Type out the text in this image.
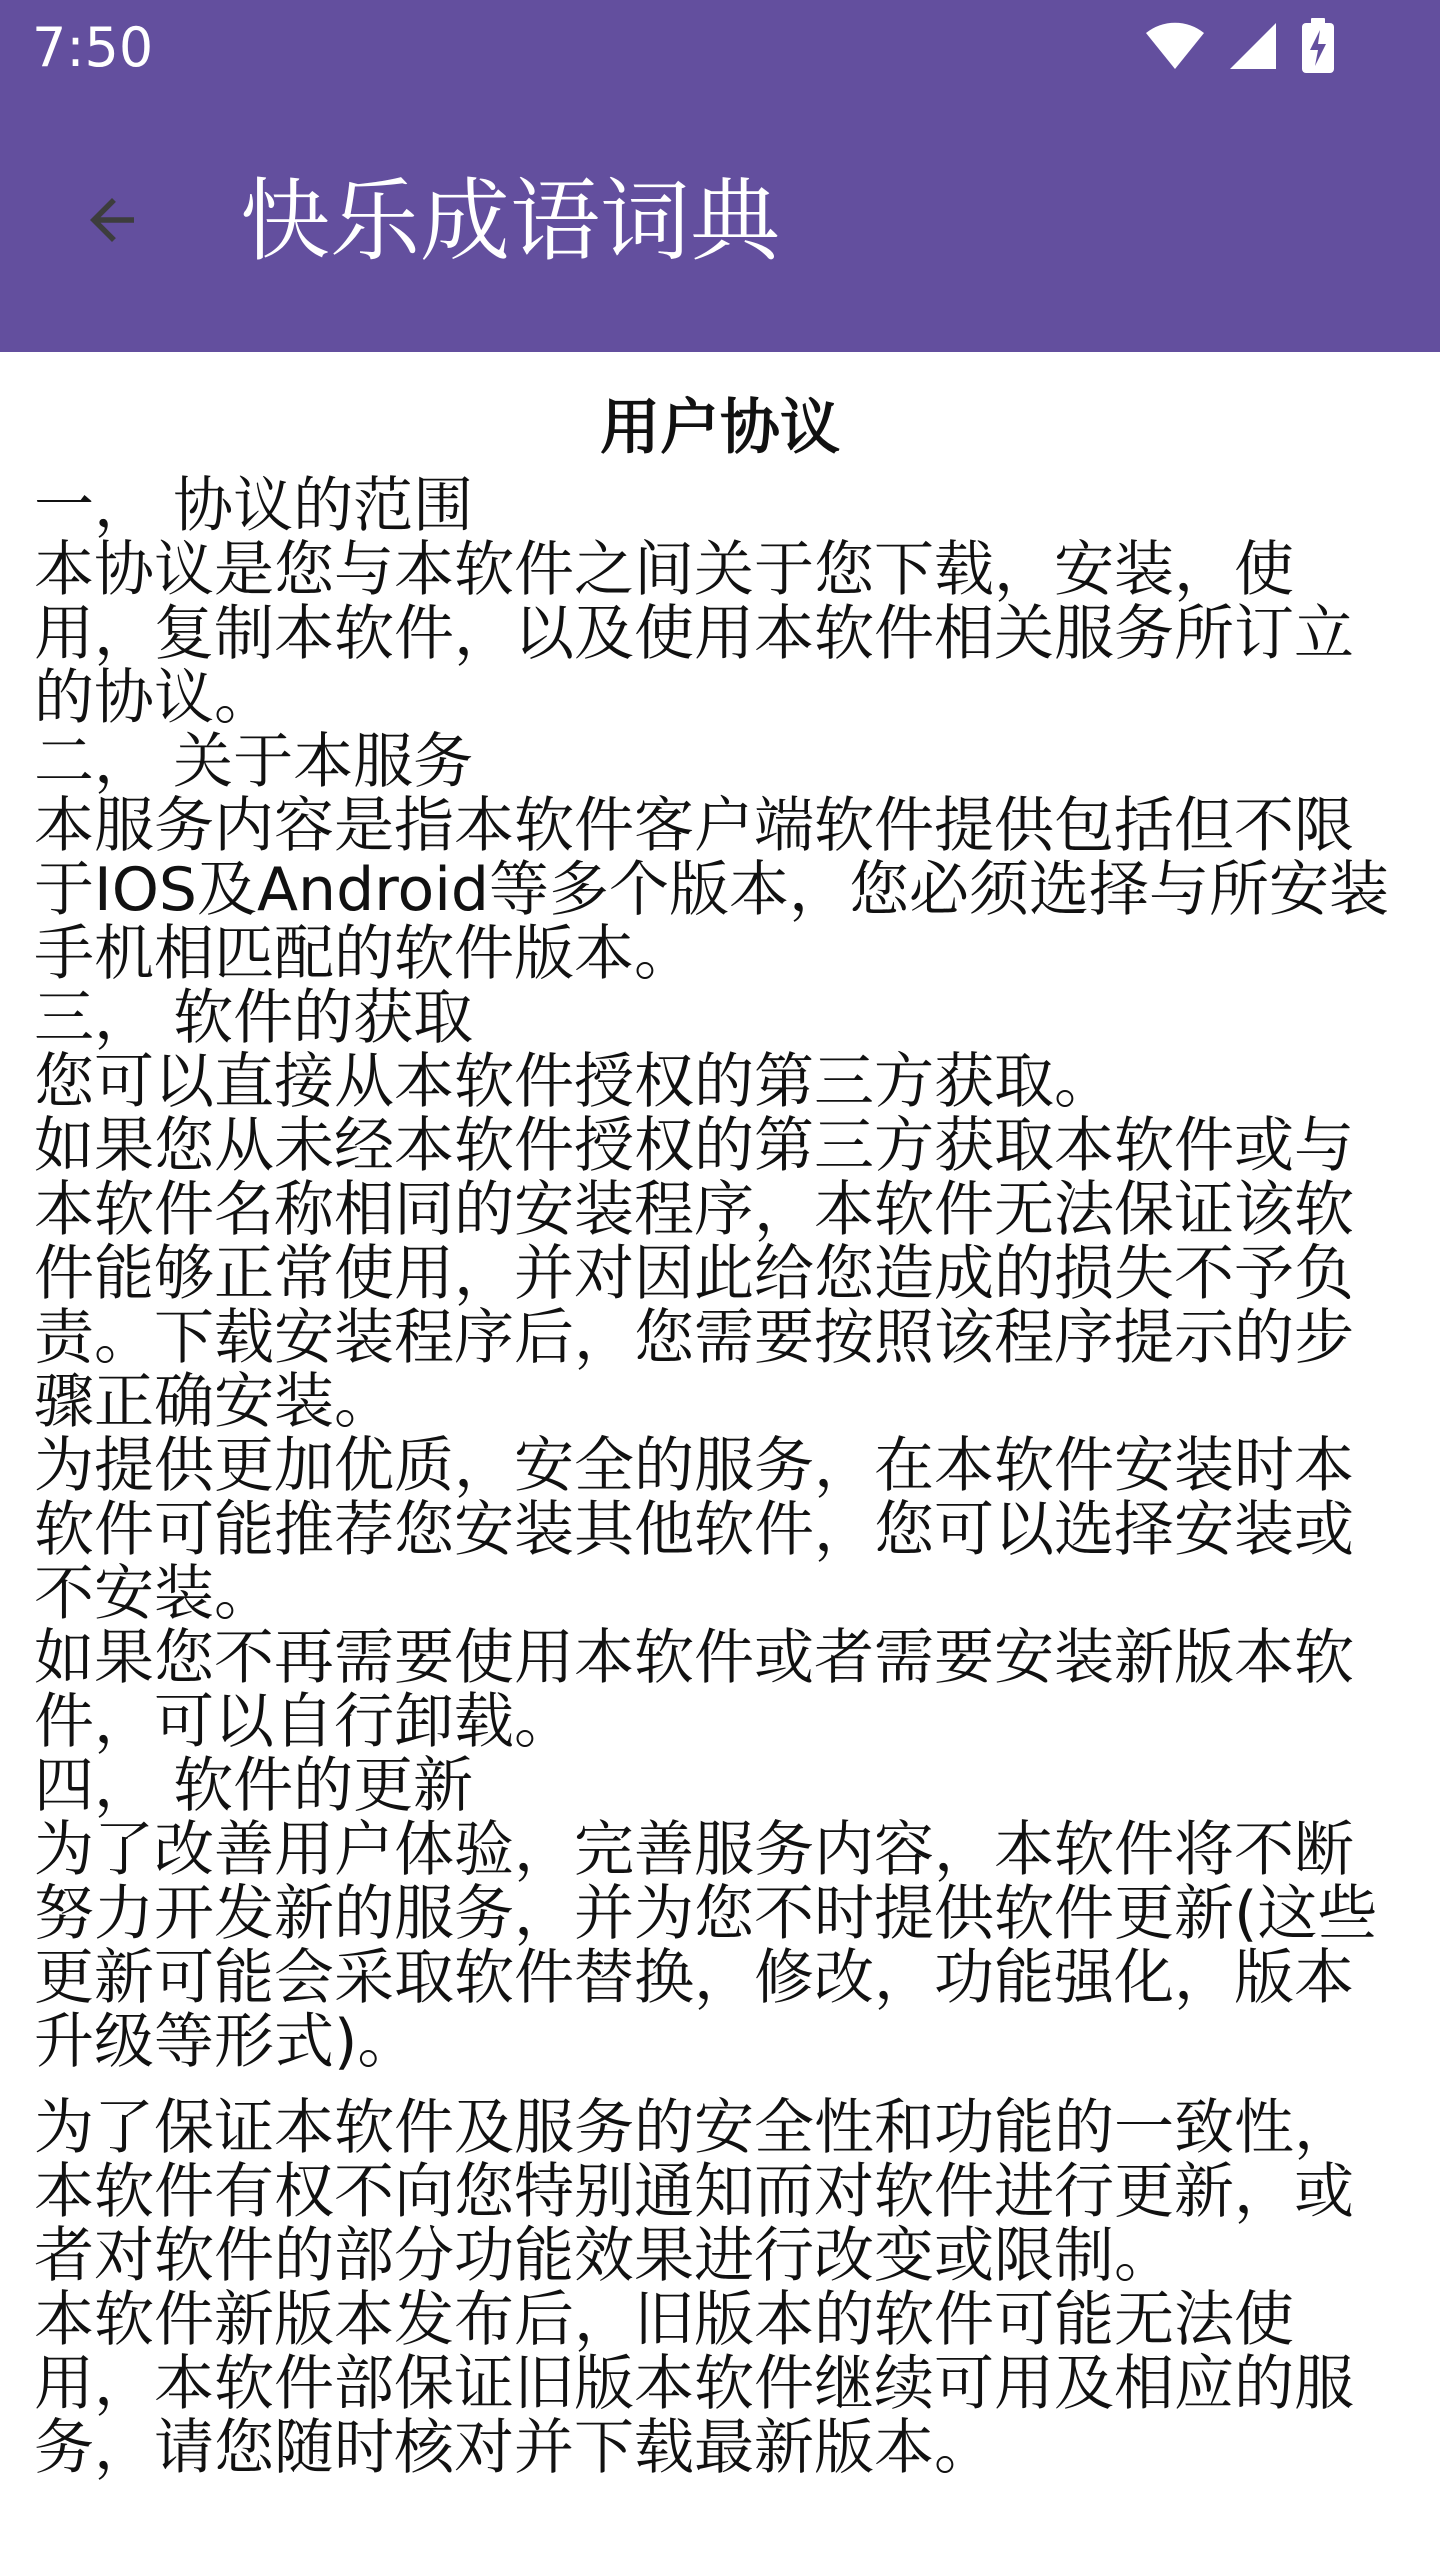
7:50
快乐成语词典
用户协议

一， 协议的范围

本协议是您与本软件之间关于您下载，安装，使用，复制本软件，以及使用本软件相关服务所订立的协议。

二， 关于本服务

本服务内容是指本软件客户端软件提供包括但不限于IOS及Android等多个版本，您必须选择与所安装手机相匹配的软件版本。

三， 软件的获取

您可以直接从本软件授权的第三方获取。

如果您从未经本软件授权的第三方获取本软件或与本软件名称相同的安装程序，本软件无法保证该软件能够正常使用，并对因此给您造成的损失不予负责。下载安装程序后，您需要按照该程序提示的步骤正确安装。

为提供更加优质，安全的服务，在本软件安装时本软件可能推荐您安装其他软件，您可以选择安装或不安装。

如果您不再需要使用本软件或者需要安装新版本软件，可以自行卸载。

四， 软件的更新

为了改善用户体验，完善服务内容，本软件将不断努力开发新的服务，并为您不时提供软件更新(这些更新可能会采取软件替换，修改，功能强化，版本升级等形式)。

为了保证本软件及服务的安全性和功能的一致性，本软件有权不向您特别通知而对软件进行更新，或者对软件的部分功能效果进行改变或限制。

本软件新版本发布后，旧版本的软件可能无法使用，本软件部保证旧版本软件继续可用及相应的服务，请您随时核对并下载最新版本。
